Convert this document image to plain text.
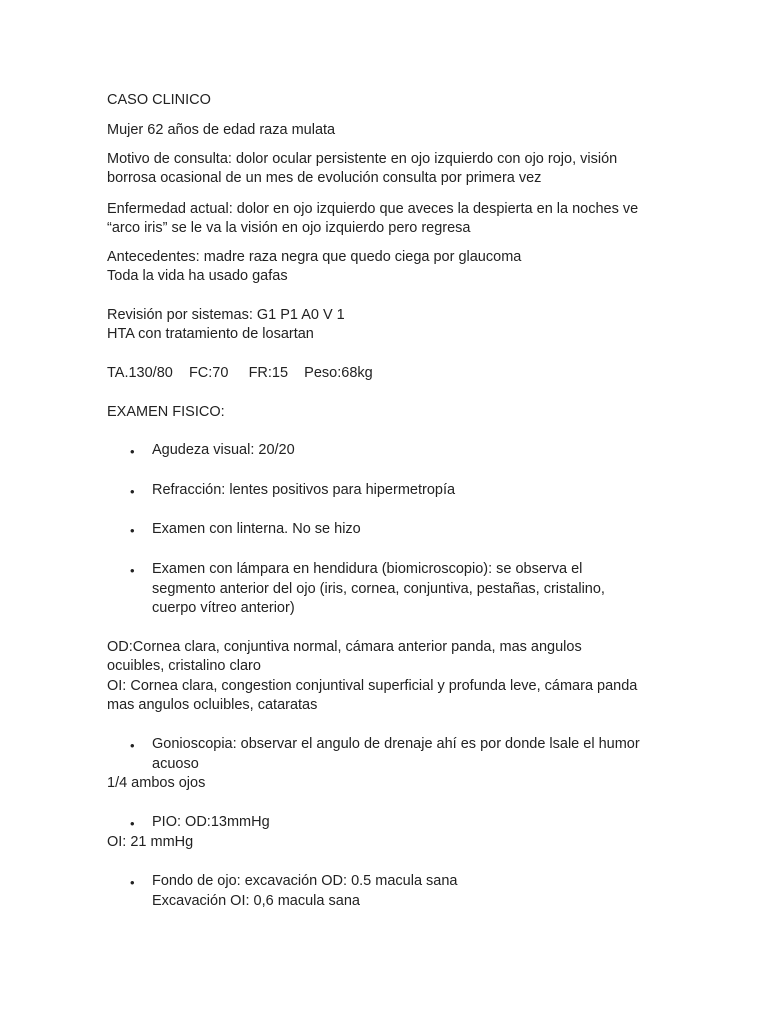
CASO CLINICO

Mujer 62 años de edad raza mulata

Motivo de consulta: dolor ocular persistente en ojo izquierdo con ojo rojo, visión

borrosa ocasional de un mes de evolución consulta por primera vez

Enfermedad actual: dolor en ojo izquierdo que aveces la despierta en la noches ve

“arco iris” se le va la visión en ojo izquierdo pero regresa

Antecedentes: madre raza negra que quedo ciega por glaucoma

Toda la vida ha usado gafas

Revisión por sistemas: G1 P1 A0 V 1

HTA con tratamiento de losartan

TA.130/80    FC:70     FR:15    Peso:68kg

EXAMEN FISICO:

• Agudeza visual: 20/20

• Refracción: lentes positivos para hipermetropía

• Examen con linterna. No se hizo

• Examen con lámpara en hendidura (biomicroscopio): se observa el

segmento anterior del ojo (iris, cornea, conjuntiva, pestañas, cristalino,

cuerpo vítreo anterior)

OD:Cornea clara, conjuntiva normal, cámara anterior panda, mas angulos

ocuibles, cristalino claro

OI: Cornea clara, congestion conjuntival superficial y profunda leve, cámara panda

mas angulos ocluibles, cataratas

• Gonioscopia: observar el angulo de drenaje ahí es por donde lsale el humor

acuoso

1/4 ambos ojos

• PIO: OD:13mmHg

OI: 21 mmHg

• Fondo de ojo: excavación OD: 0.5 macula sana

Excavación OI: 0,6 macula sana
